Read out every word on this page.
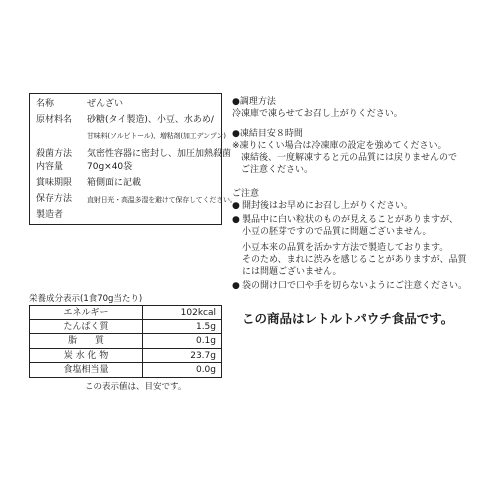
名称	ぜんざい
原材料名 砂糖(タイ製造)、小豆、水あめ/
甘味料(ソルビトール)、増粘剤(加工デンプン)
殺菌方法 気密性容器に密封し、加圧加熱殺菌
内容量	70g×40袋
賞味期限 箱側面に記載
保存方法 直射日光・高温多湿を避けて保存してください。
製造者
栄養成分表示(1食70g当たり)
エネルギー	102kcal
たんぱく質	1.5g
脂　　質	0.1g
炭 水 化 物	23.7g
食塩相当量	0.0g
この表示値は、目安です。
●調理方法
冷凍庫で凍らせてお召し上がりください。
●凍結目安８時間
※凍りにくい場合は冷凍庫の設定を強めてください。
凍結後、一度解凍すると元の品質には戻りませんので
ご注意ください。
ご注意
● 開封後はお早めにお召し上がりください。
● 製品中に白い粒状のものが見えることがありますが、
小豆の胚芽ですので品質に問題ございません。
小豆本来の品質を活かす方法で製造しております。
そのため、まれに渋みを感じることがありますが、品質
には問題ございません。
● 袋の開け口で口や手を切らないようにご注意ください。
この商品はレトルトパウチ食品です。
